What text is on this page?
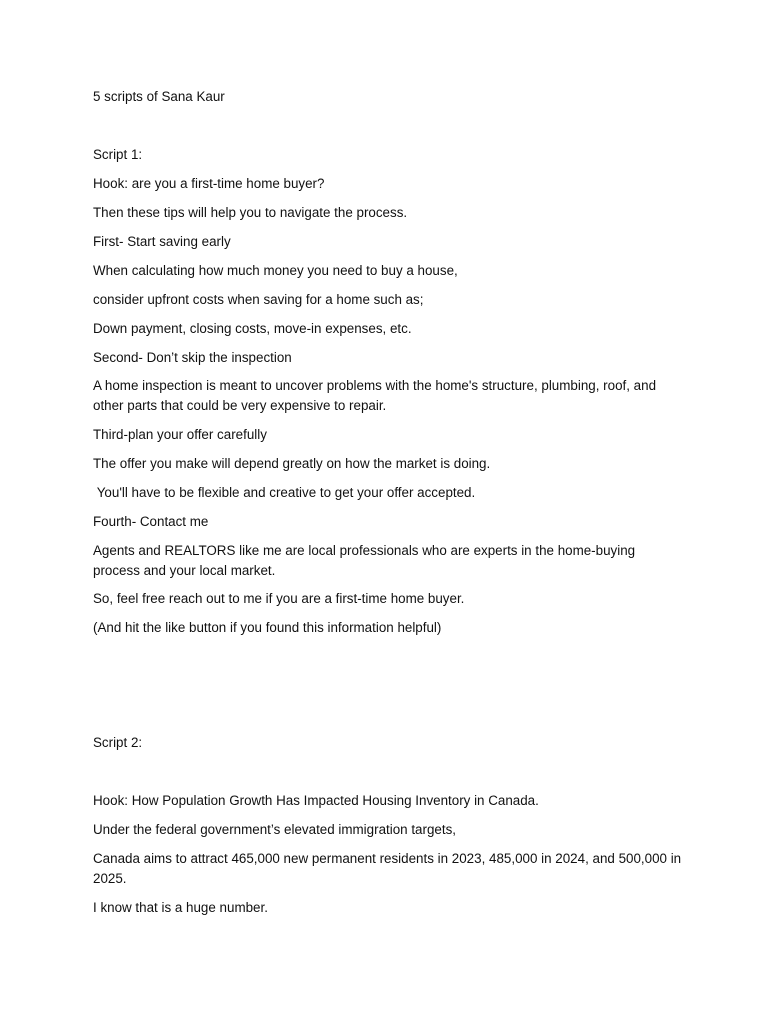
5 scripts of Sana Kaur

Script 1:

Hook: are you a first-time home buyer?

Then these tips will help you to navigate the process.

First- Start saving early

When calculating how much money you need to buy a house,

consider upfront costs when saving for a home such as;

Down payment, closing costs, move-in expenses, etc.

Second- Don’t skip the inspection

A home inspection is meant to uncover problems with the home's structure, plumbing, roof, and other parts that could be very expensive to repair.

Third-plan your offer carefully

The offer you make will depend greatly on how the market is doing.

You'll have to be flexible and creative to get your offer accepted.

Fourth- Contact me

Agents and REALTORS like me are local professionals who are experts in the home-buying process and your local market.

So, feel free reach out to me if you are a first-time home buyer.

(And hit the like button if you found this information helpful)

Script 2:

Hook: How Population Growth Has Impacted Housing Inventory in Canada.

Under the federal government’s elevated immigration targets,

Canada aims to attract 465,000 new permanent residents in 2023, 485,000 in 2024, and 500,000 in 2025.

I know that is a huge number.
